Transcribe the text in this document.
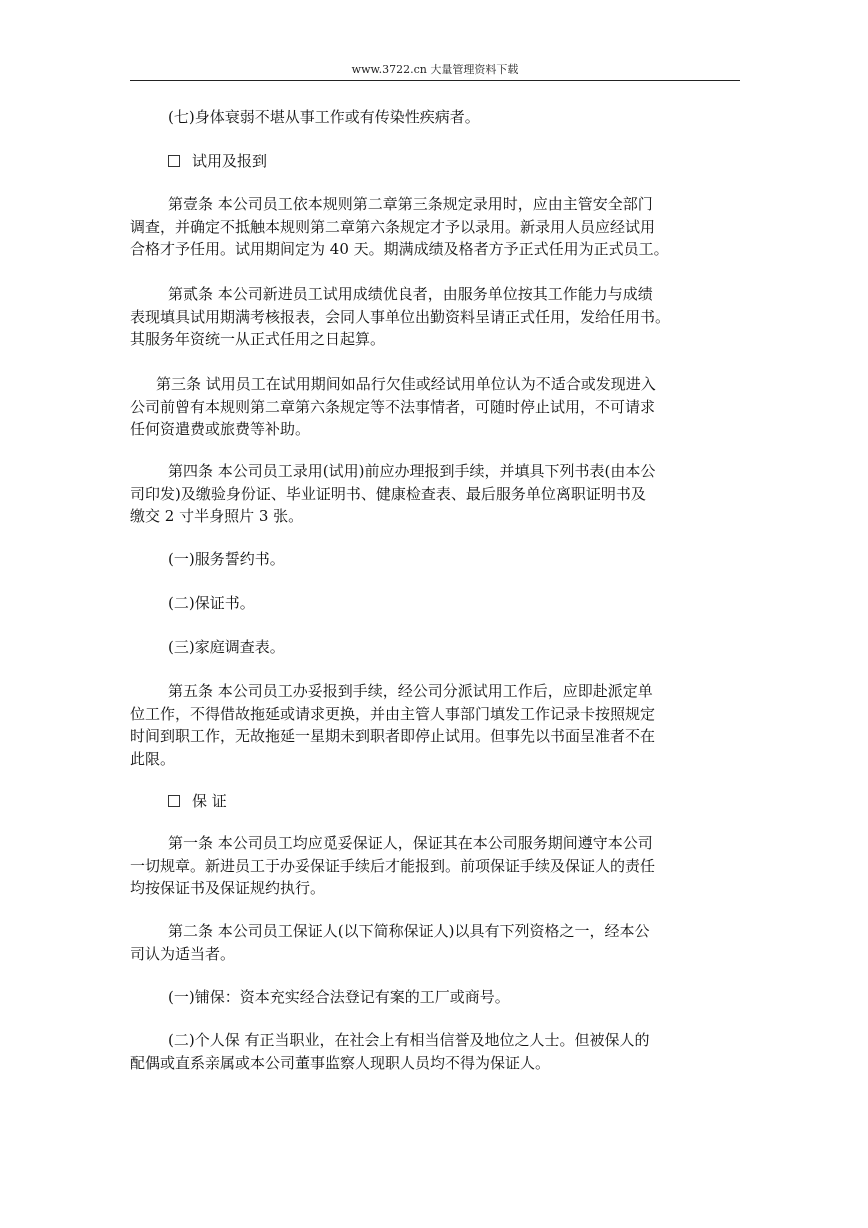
www.3722.cn 大量管理资料下载
(七)身体衰弱不堪从事工作或有传染性疾病者。
试用及报到
第壹条 本公司员工依本规则第二章第三条规定录用时，应由主管安全部门
调查，并确定不抵触本规则第二章第六条规定才予以录用。新录用人员应经试用
合格才予任用。试用期间定为 40 天。期满成绩及格者方予正式任用为正式员工。
第贰条 本公司新进员工试用成绩优良者，由服务单位按其工作能力与成绩
表现填具试用期满考核报表，会同人事单位出勤资料呈请正式任用，发给任用书。
其服务年资统一从正式任用之日起算。
第三条 试用员工在试用期间如品行欠佳或经试用单位认为不适合或发现进入
公司前曾有本规则第二章第六条规定等不法事情者，可随时停止试用，不可请求
任何资遣费或旅费等补助。
第四条 本公司员工录用(试用)前应办理报到手续，并填具下列书表(由本公
司印发)及缴验身份证、毕业证明书、健康检查表、最后服务单位离职证明书及
缴交 2 寸半身照片 3 张。
(一)服务誓约书。
(二)保证书。
(三)家庭调查表。
第五条 本公司员工办妥报到手续，经公司分派试用工作后，应即赴派定单
位工作，不得借故拖延或请求更换，并由主管人事部门填发工作记录卡按照规定
时间到职工作，无故拖延一星期未到职者即停止试用。但事先以书面呈准者不在
此限。
保 证
第一条 本公司员工均应觅妥保证人，保证其在本公司服务期间遵守本公司
一切规章。新进员工于办妥保证手续后才能报到。前项保证手续及保证人的责任
均按保证书及保证规约执行。
第二条 本公司员工保证人(以下简称保证人)以具有下列资格之一，经本公
司认为适当者。
(一)铺保：资本充实经合法登记有案的工厂或商号。
(二)个人保 有正当职业，在社会上有相当信誉及地位之人士。但被保人的
配偶或直系亲属或本公司董事监察人现职人员均不得为保证人。
